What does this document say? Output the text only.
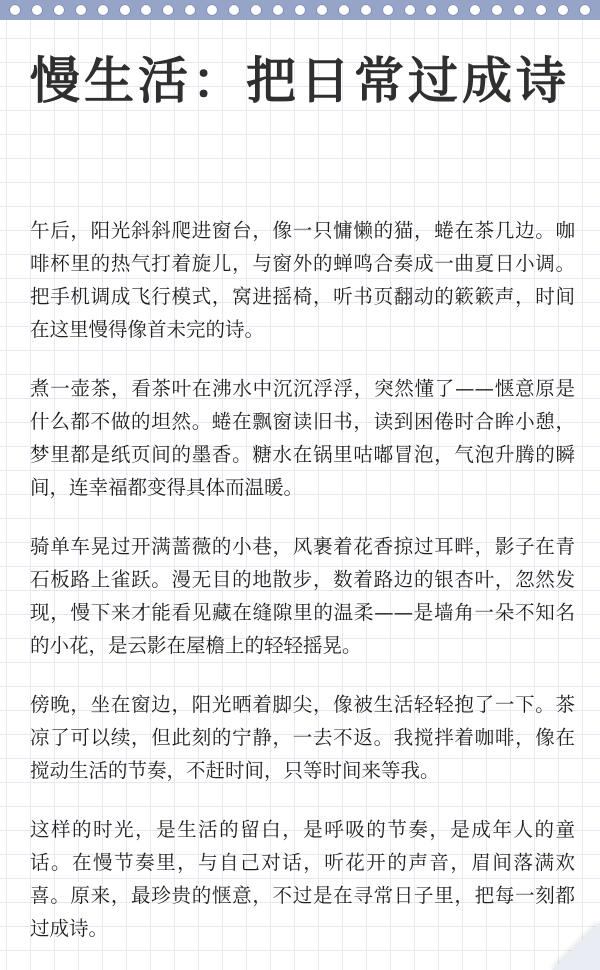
慢生活：把日常过成诗

午后，阳光斜斜爬进窗台，像一只慵懒的猫，蜷在茶几边。咖啡杯里的热气打着旋儿，与窗外的蝉鸣合奏成一曲夏日小调。把手机调成飞行模式，窝进摇椅，听书页翻动的簌簌声，时间在这里慢得像首未完的诗。

煮一壶茶，看茶叶在沸水中沉沉浮浮，突然懂了——惬意原是什么都不做的坦然。蜷在飘窗读旧书，读到困倦时合眸小憩，梦里都是纸页间的墨香。糖水在锅里咕嘟冒泡，气泡升腾的瞬间，连幸福都变得具体而温暖。

骑单车晃过开满蔷薇的小巷，风裹着花香掠过耳畔，影子在青石板路上雀跃。漫无目的地散步，数着路边的银杏叶，忽然发现，慢下来才能看见藏在缝隙里的温柔——是墙角一朵不知名的小花，是云影在屋檐上的轻轻摇晃。

傍晚，坐在窗边，阳光晒着脚尖，像被生活轻轻抱了一下。茶凉了可以续，但此刻的宁静，一去不返。我搅拌着咖啡，像在搅动生活的节奏，不赶时间，只等时间来等我。

这样的时光，是生活的留白，是呼吸的节奏，是成年人的童话。在慢节奏里，与自己对话，听花开的声音，眉间落满欢喜。原来，最珍贵的惬意，不过是在寻常日子里，把每一刻都过成诗。
